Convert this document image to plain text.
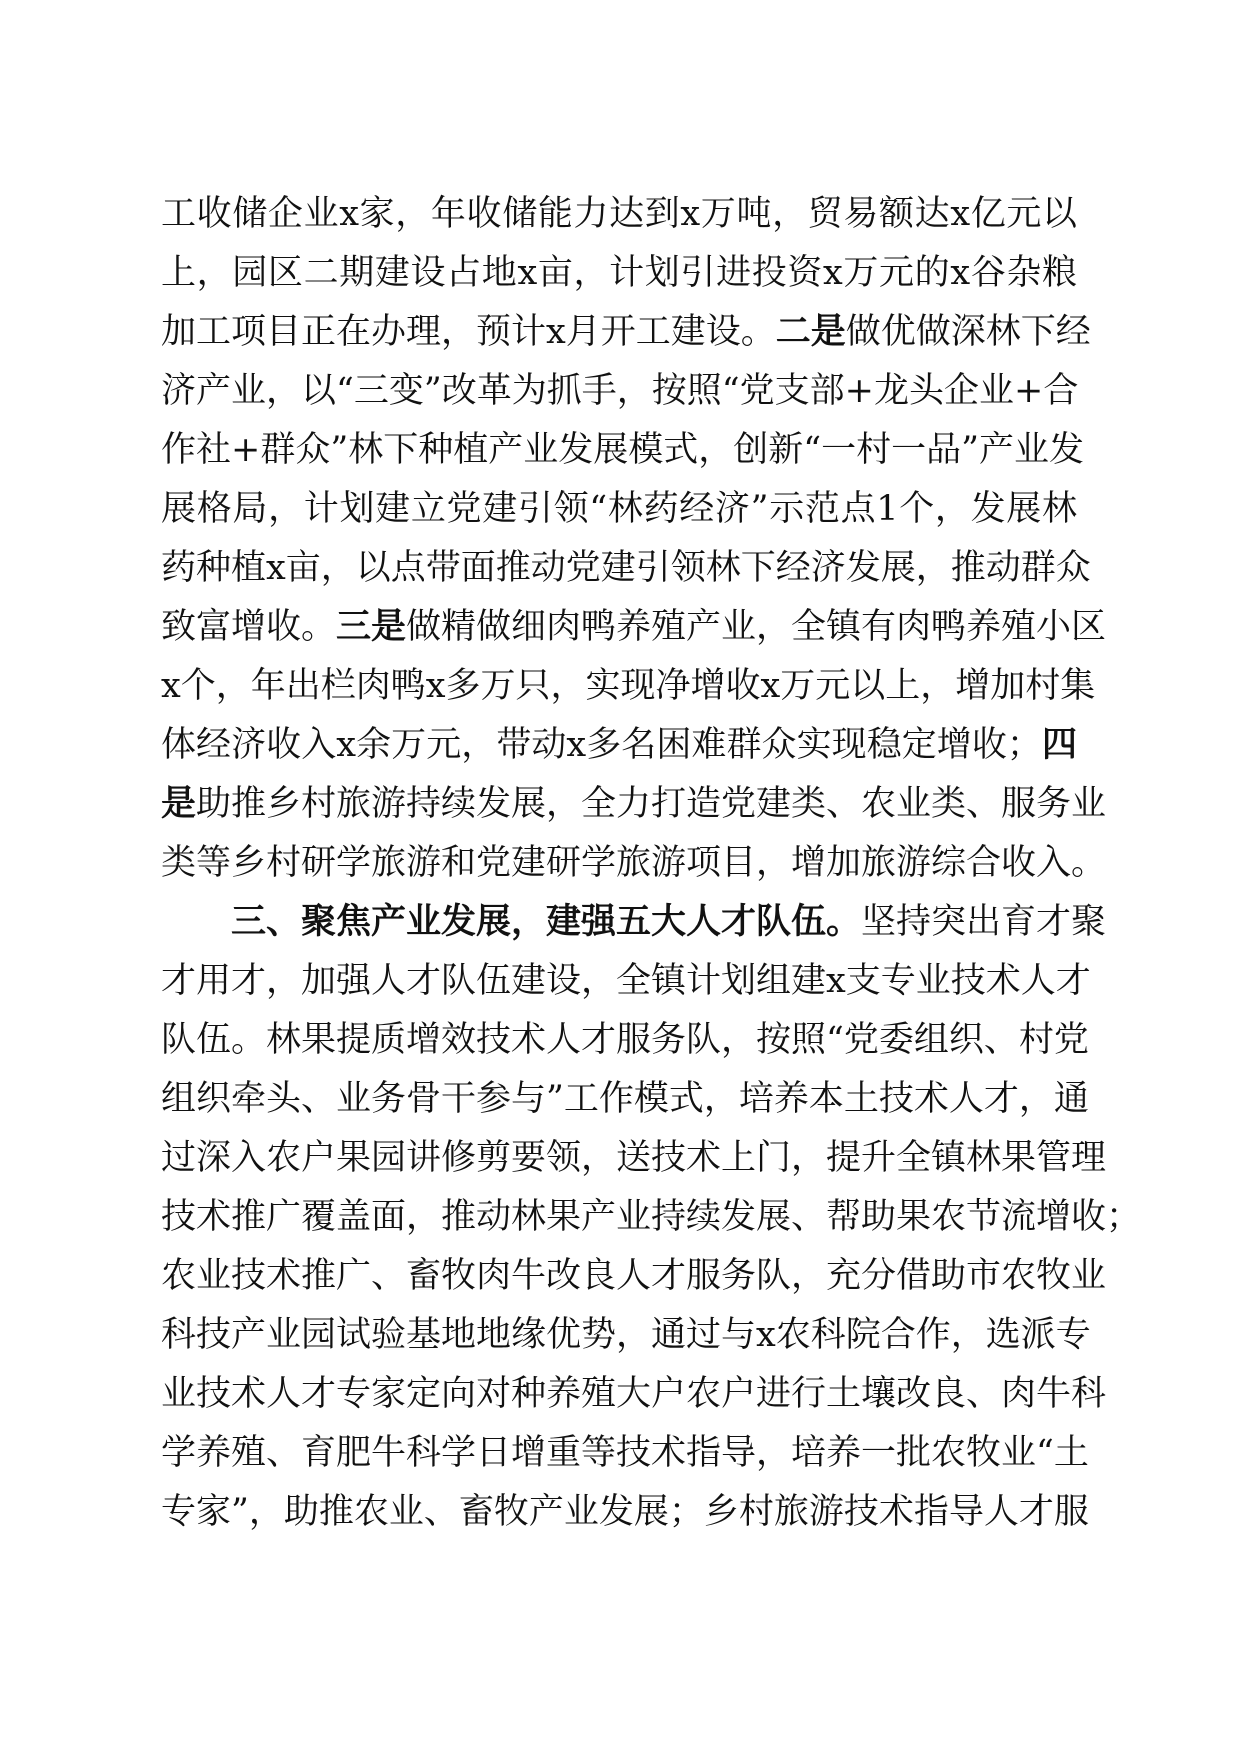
工收储企业x家，年收储能力达到x万吨，贸易额达x亿元以
上，园区二期建设占地x亩，计划引进投资x万元的x谷杂粮
加工项目正在办理，预计x月开工建设。二是做优做深林下经
济产业，以“三变”改革为抓手，按照“党支部+龙头企业+合
作社+群众”林下种植产业发展模式，创新“一村一品”产业发
展格局，计划建立党建引领“林药经济”示范点1个，发展林
药种植x亩，以点带面推动党建引领林下经济发展，推动群众
致富增收。三是做精做细肉鸭养殖产业，全镇有肉鸭养殖小区
x个，年出栏肉鸭x多万只，实现净增收x万元以上，增加村集
体经济收入x余万元，带动x多名困难群众实现稳定增收；四
是助推乡村旅游持续发展，全力打造党建类、农业类、服务业
类等乡村研学旅游和党建研学旅游项目，增加旅游综合收入。
三、聚焦产业发展，建强五大人才队伍。坚持突出育才聚
才用才，加强人才队伍建设，全镇计划组建x支专业技术人才
队伍。林果提质增效技术人才服务队，按照“党委组织、村党
组织牵头、业务骨干参与”工作模式，培养本土技术人才，通
过深入农户果园讲修剪要领，送技术上门，提升全镇林果管理
技术推广覆盖面，推动林果产业持续发展、帮助果农节流增收；
农业技术推广、畜牧肉牛改良人才服务队，充分借助市农牧业
科技产业园试验基地地缘优势，通过与x农科院合作，选派专
业技术人才专家定向对种养殖大户农户进行土壤改良、肉牛科
学养殖、育肥牛科学日增重等技术指导，培养一批农牧业“土
专家”，助推农业、畜牧产业发展；乡村旅游技术指导人才服
